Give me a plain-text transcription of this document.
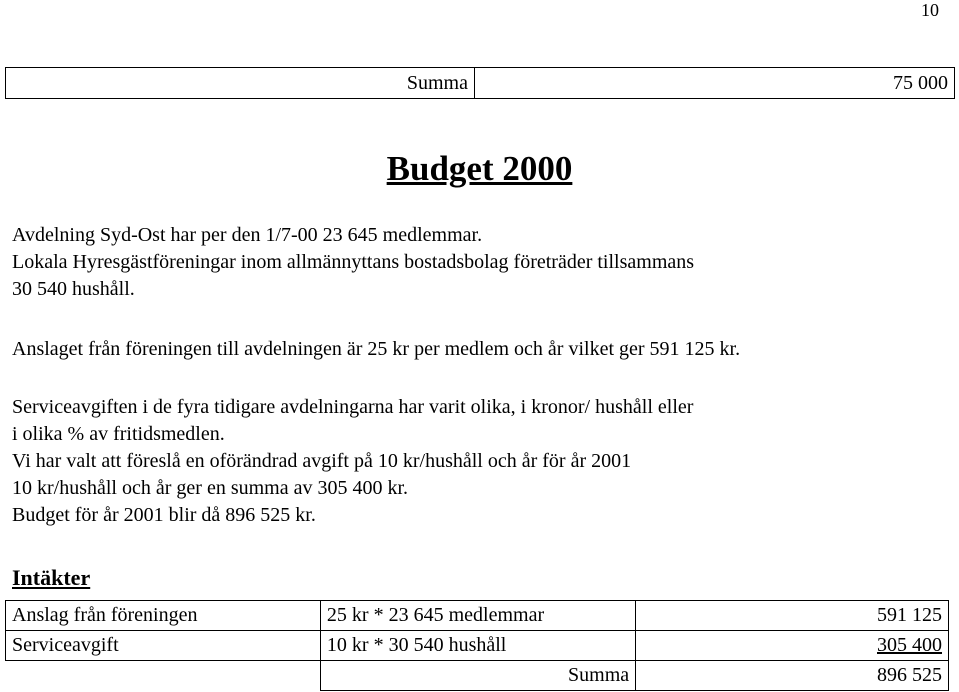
10
Summa	75 000
Budget 2000
Avdelning Syd-Ost har per den 1/7-00 23 645 medlemmar.
Lokala Hyresgästföreningar inom allmännyttans bostadsbolag företräder tillsammans
30 540 hushåll.
Anslaget från föreningen till avdelningen är 25 kr per medlem och år vilket ger 591 125 kr.
Serviceavgiften i de fyra tidigare avdelningarna har varit olika, i kronor/ hushåll eller
i olika % av fritidsmedlen.
Vi har valt att föreslå en oförändrad avgift på 10 kr/hushåll och år för år 2001
10 kr/hushåll och år ger en summa av 305 400 kr.
Budget för år 2001 blir då 896 525 kr.
Intäkter
Anslag från föreningen	25 kr * 23 645 medlemmar	591 125
Serviceavgift	10 kr * 30 540 hushåll	305 400
	Summa	896 525
